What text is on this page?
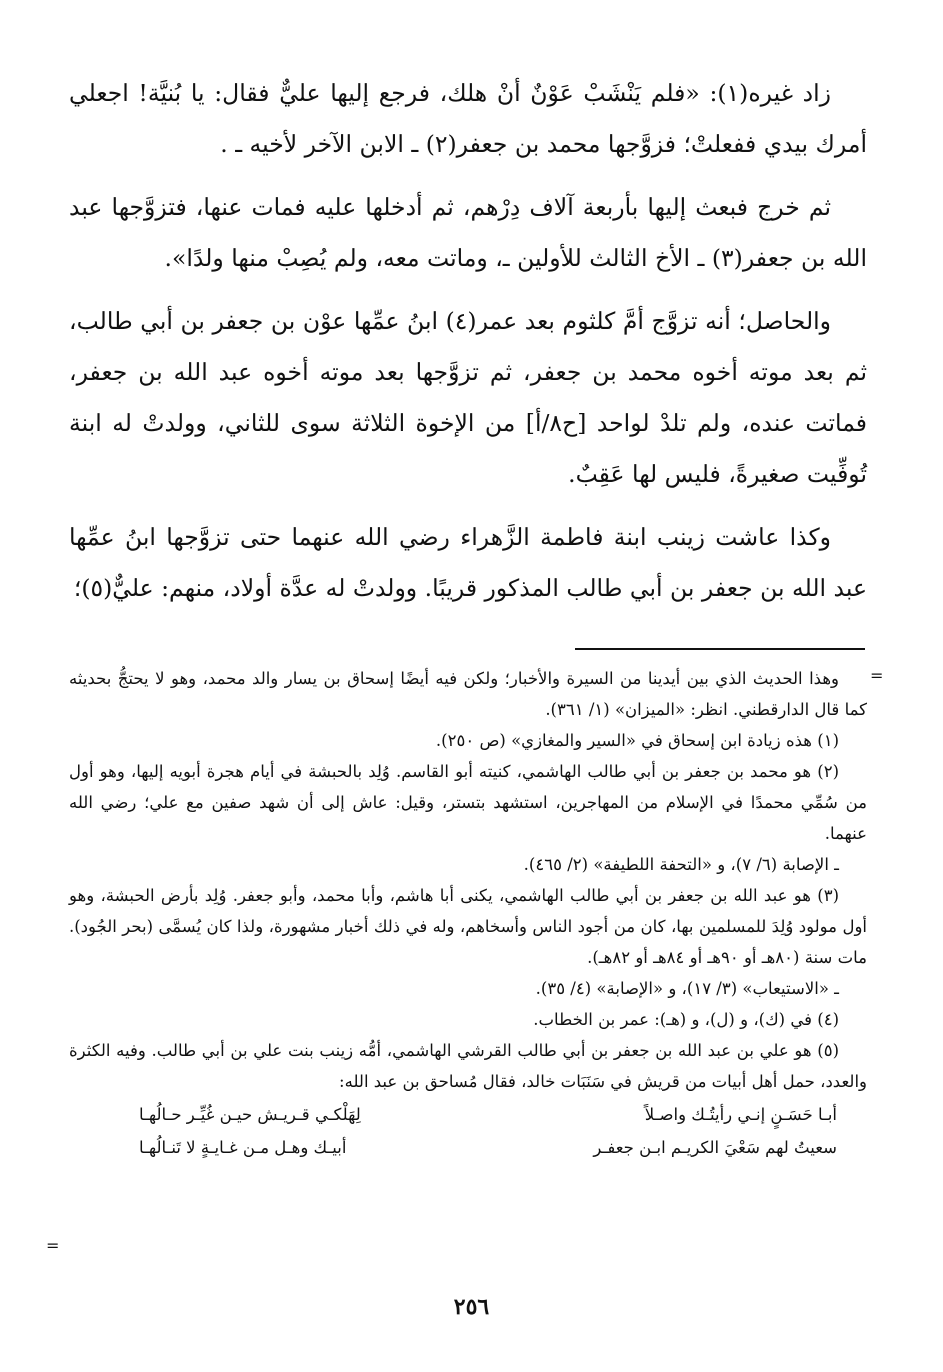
زاد غيره(١): «فلم يَنْشَبْ عَوْنٌ أنْ هلك، فرجع إليها عليٌّ فقال: يا بُنيَّة! اجعلي أمرك بيدي ففعلتْ؛ فزوَّجها محمد بن جعفر(٢) ـ الابن الآخر لأخيه ـ .

ثم خرج فبعث إليها بأربعة آلاف دِرْهم، ثم أدخلها عليه فمات عنها، فتزوَّجها عبد الله بن جعفر(٣) ـ الأخ الثالث للأولين ـ، وماتت معه، ولم يُصِبْ منها ولدًا».

والحاصل؛ أنه تزوَّج أمَّ كلثوم بعد عمر(٤) ابنُ عمِّها عوْن بن جعفر بن أبي طالب، ثم بعد موته أخوه محمد بن جعفر، ثم تزوَّجها بعد موته أخوه عبد الله بن جعفر، فماتت عنده، ولم تلدْ لواحد [ح٨/أ] من الإخوة الثلاثة سوى للثاني، وولدتْ له ابنة تُوفِّيت صغيرةً، فليس لها عَقِبٌ.

وكذا عاشت زينب ابنة فاطمة الزَّهراء رضي الله عنهما حتى تزوَّجها ابنُ عمِّها عبد الله بن جعفر بن أبي طالب المذكور قريبًا. وولدتْ له عدَّة أولاد، منهم: عليٌّ(٥)؛

=

وهذا الحديث الذي بين أيدينا من السيرة والأخبار؛ ولكن فيه أيضًا إسحاق بن يسار والد محمد، وهو لا يحتجُّ بحديثه كما قال الدارقطني. انظر: «الميزان» (١/ ٣٦١).

(١) هذه زيادة ابن إسحاق في «السير والمغازي» (ص ٢٥٠).

(٢) هو محمد بن جعفر بن أبي طالب الهاشمي، كنيته أبو القاسم. وُلِد بالحبشة في أيام هجرة أبويه إليها، وهو أول من سُمِّي محمدًا في الإسلام من المهاجرين، استشهد بتستر، وقيل: عاش إلى أن شهد صفين مع علي؛ رضي الله عنهما.

ـ الإصابة (٦/ ٧)، و «التحفة اللطيفة» (٢/ ٤٦٥).

(٣) هو عبد الله بن جعفر بن أبي طالب الهاشمي، يكنى أبا هاشم، وأبا محمد، وأبو جعفر. وُلِد بأرض الحبشة، وهو أول مولود وُلِدَ للمسلمين بها، كان من أجود الناس وأسخاهم، وله في ذلك أخبار مشهورة، ولذا كان يُسمَّى (بحر الجُود). مات سنة (٨٠هـ أو ٩٠هـ أو ٨٤هـ أو ٨٢هـ).

ـ «الاستيعاب» (٣/ ١٧)، و «الإصابة» (٤/ ٣٥).

(٤) في (ك)، و (ل)، و (هـ): عمر بن الخطاب.

(٥) هو علي بن عبد الله بن جعفر بن أبي طالب القرشي الهاشمي، أمُّه زينب بنت علي بن أبي طالب. وفيه الكثرة والعدد، حمل أهل أبيات من قريش في سَنَبَات خالد، فقال مُساحق بن عبد الله:

أبـا حَسَـنٍ إنـي رأيتُـك واصـلاً
لِهَلْكـي قـريـش حيـن غُيِّـر حـالُهـا
سعيتُ لهم سَعْيَ الكريـم ابـن جعفـر
أبيـك وهـل مـن غـايـةٍ لا تَنـالُهـا
=
٢٥٦
